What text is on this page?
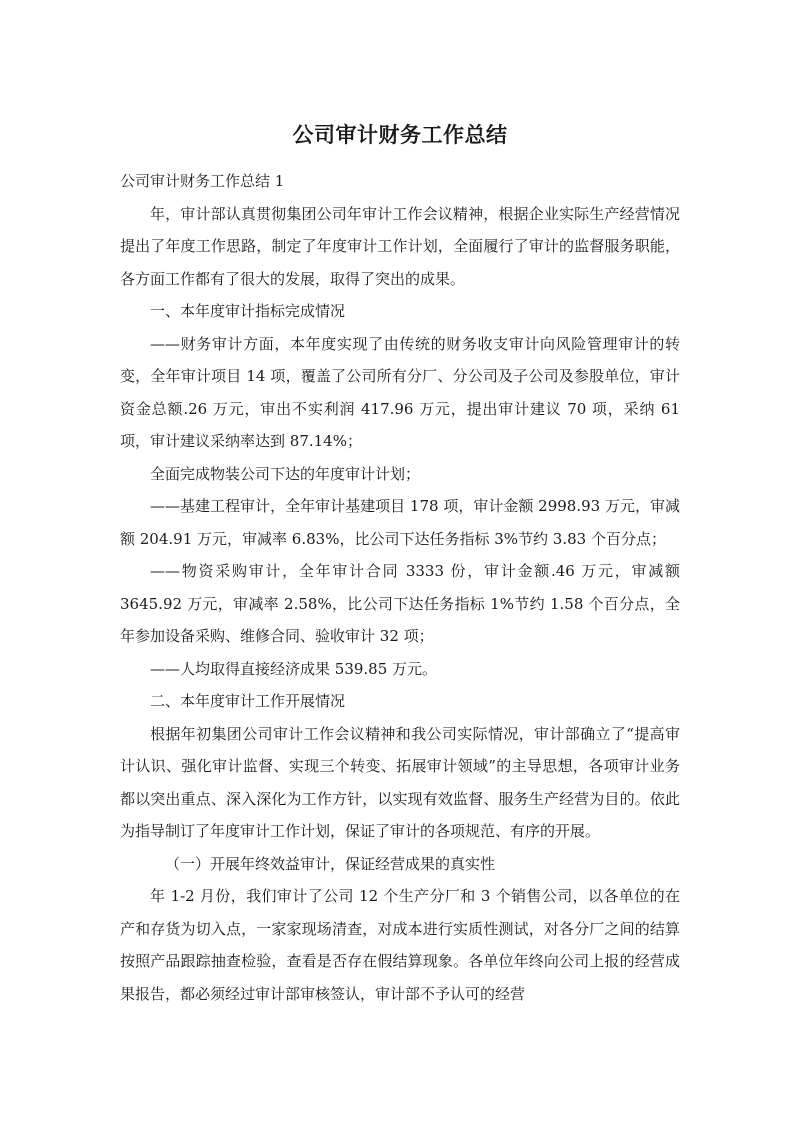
公司审计财务工作总结

公司审计财务工作总结 1

年，审计部认真贯彻集团公司年审计工作会议精神，根据企业实际生产经营情况提出了年度工作思路，制定了年度审计工作计划，全面履行了审计的监督服务职能，各方面工作都有了很大的发展，取得了突出的成果。

一、本年度审计指标完成情况

——财务审计方面，本年度实现了由传统的财务收支审计向风险管理审计的转变，全年审计项目 14 项，覆盖了公司所有分厂、分公司及子公司及参股单位，审计资金总额.26 万元，审出不实利润 417.96 万元，提出审计建议 70 项，采纳 61 项，审计建议采纳率达到 87.14%；

全面完成物装公司下达的年度审计计划；

——基建工程审计，全年审计基建项目 178 项，审计金额 2998.93 万元，审减额 204.91 万元，审减率 6.83%，比公司下达任务指标 3%节约 3.83 个百分点；

——物资采购审计，全年审计合同 3333 份，审计金额.46 万元，审减额 3645.92 万元，审减率 2.58%，比公司下达任务指标 1%节约 1.58 个百分点，全年参加设备采购、维修合同、验收审计 32 项；

——人均取得直接经济成果 539.85 万元。

二、本年度审计工作开展情况

根据年初集团公司审计工作会议精神和我公司实际情况，审计部确立了“提高审计认识、强化审计监督、实现三个转变、拓展审计领域”的主导思想，各项审计业务都以突出重点、深入深化为工作方针，以实现有效监督、服务生产经营为目的。依此为指导制订了年度审计工作计划，保证了审计的各项规范、有序的开展。

（一）开展年终效益审计，保证经营成果的真实性

年 1-2 月份，我们审计了公司 12 个生产分厂和 3 个销售公司，以各单位的在产和存货为切入点，一家家现场清查，对成本进行实质性测试，对各分厂之间的结算按照产品跟踪抽查检验，查看是否存在假结算现象。各单位年终向公司上报的经营成果报告，都必须经过审计部审核签认，审计部不予认可的经营
